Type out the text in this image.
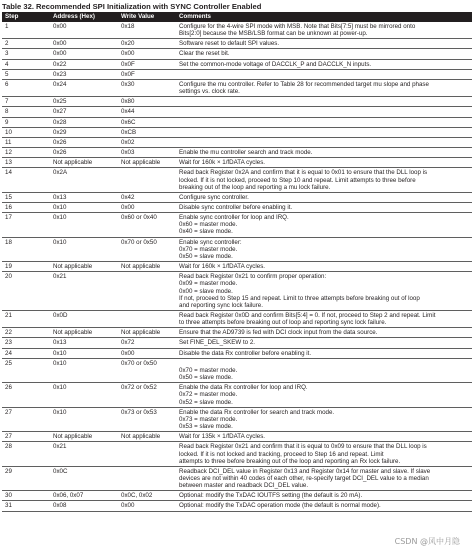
Table 32. Recommended SPI Initialization with SYNC Controller Enabled
Step	Address (Hex)	Write Value	Comments
1	0x00	0x18	Configure for the 4-wire SPI mode with MSB. Note that Bits[7:5] must be mirrored onto
Bits[2:0] because the MSB/LSB format can be unknown at power-up.

2	0x00	0x20	Software reset to default SPI values.

3	0x00	0x00	Clear the reset bit.

4	0x22	0x0F	Set the common-mode voltage of DACCLK_P and DACCLK_N inputs.

5	0x23	0x0F	

6	0x24	0x30	Configure the mu controller. Refer to Table 28 for recommended target mu slope and phase
settings vs. clock rate.

7	0x25	0x80	

8	0x27	0x44	

9	0x28	0x6C	

10	0x29	0xCB	

11	0x26	0x02	

12	0x26	0x03	Enable the mu controller search and track mode.

13	Not applicable	Not applicable	Wait for 160k × 1/fDATA cycles.

14	0x2A		Read back Register 0x2A and confirm that it is equal to 0x01 to ensure that the DLL loop is
locked. If it is not locked, proceed to Step 10 and repeat. Limit attempts to three before
breaking out of the loop and reporting a mu lock failure.

15	0x13	0x42	Configure sync controller.

16	0x10	0x00	Disable sync controller before enabling it.

17	0x10	0x60 or 0x40	Enable sync controller for loop and IRQ.
0x60 = master mode.
0x40 = slave mode.

18	0x10	0x70 or 0x50	Enable sync controller:
0x70 = master mode.
0x50 = slave mode.

19	Not applicable	Not applicable	Wait for 160k × 1/fDATA cycles.

20	0x21		Read back Register 0x21 to confirm proper operation:
0x09 = master mode.
0x00 = slave mode.
If not, proceed to Step 15 and repeat. Limit to three attempts before breaking out of loop
and reporting sync lock failure.

21	0x0D		Read back Register 0x0D and confirm Bits[5:4] = 0. If not, proceed to Step 2 and repeat. Limit
to three attempts before breaking out of loop and reporting sync lock failure.

22	Not applicable	Not applicable	Ensure that the AD9739 is fed with DCI clock input from the data source.

23	0x13	0x72	Set FINE_DEL_SKEW to 2.

24	0x10	0x00	Disable the data Rx controller before enabling it.

25	0x10	0x70 or 0x50	0x70 = master mode.
0x50 = slave mode.

26	0x10	0x72 or 0x52	Enable the data Rx controller for loop and IRQ.
0x72 = master mode.
0x52 = slave mode.

27	0x10	0x73 or 0x53	Enable the data Rx controller for search and track mode.
0x73 = master mode.
0x53 = slave mode.

27	Not applicable	Not applicable	Wait for 135k × 1/fDATA cycles.

28	0x21		Read back Register 0x21 and confirm that it is equal to 0x09 to ensure that the DLL loop is
locked. If it is not locked and tracking, proceed to Step 16 and repeat. Limit
attempts to three before breaking out of the loop and reporting an Rx lock failure.

29	0x0C		Readback DCI_DEL value in Register 0x13 and Register 0x14 for master and slave. If slave
devices are not within 40 codes of each other, re-specify target DCI_DEL value to a median
between master and readback DCI_DEL value.

30	0x06, 0x07	0x0C, 0x02	Optional: modify the TxDAC IOUTFS setting (the default is 20 mA).

31	0x08	0x00	Optional: modify the TxDAC operation mode (the default is normal mode).
CSDN @风中月隐
